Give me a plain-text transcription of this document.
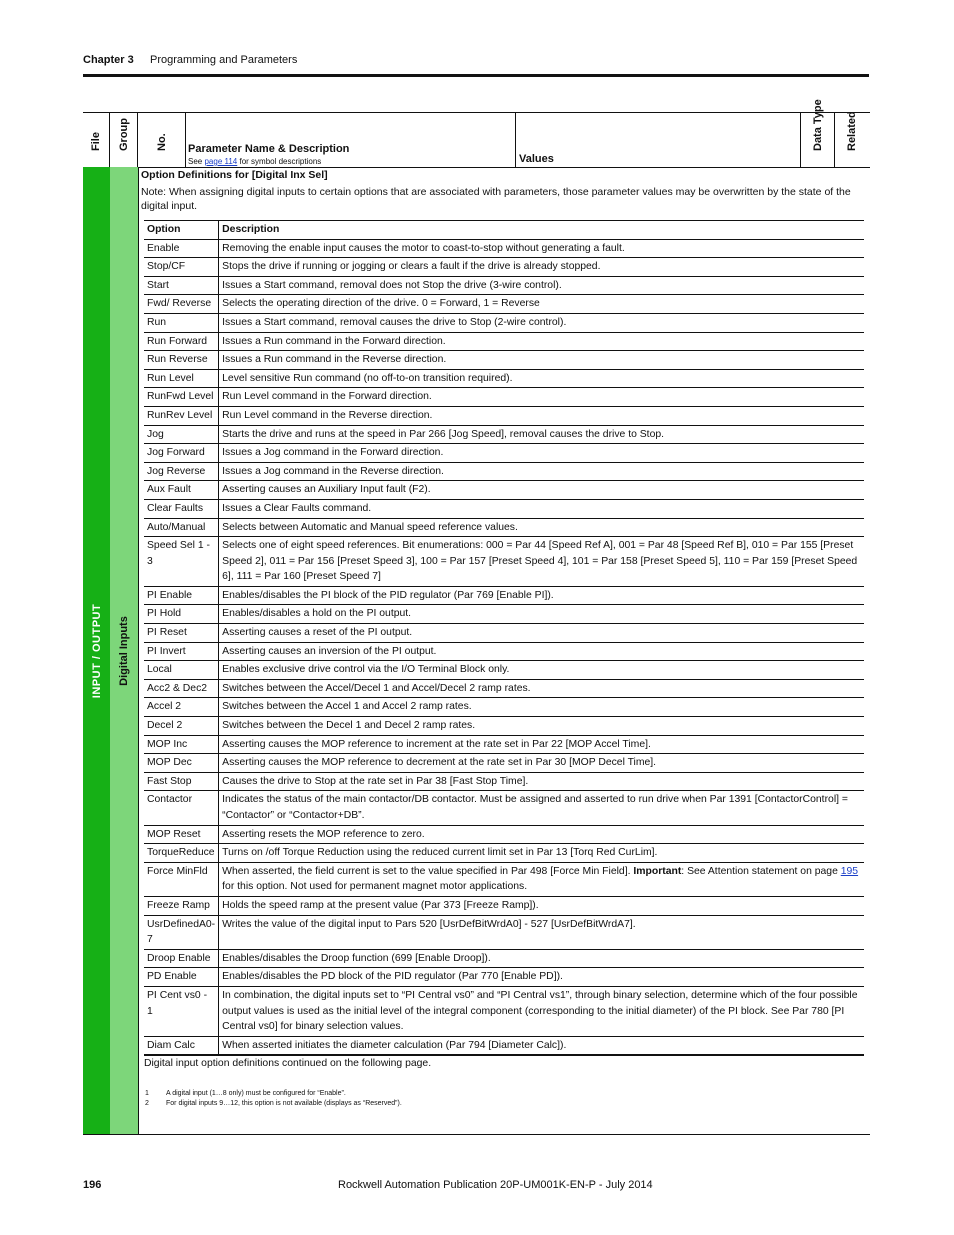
Chapter 3 Programming and Parameters
File Group No. Parameter Name & Description
See page 114 for symbol descriptions	Values
Data Type Related
INPUT / OUTPUT Digital Inputs
Option Definitions for [Digital Inx Sel]
Note: When assigning digital inputs to certain options that are associated with parameters, those parameter values may be overwritten by the state of the digital input.
Option	Description
Enable	Removing the enable input causes the motor to coast-to-stop without generating a fault.
Stop/CF	Stops the drive if running or jogging or clears a fault if the drive is already stopped.
Start	Issues a Start command, removal does not Stop the drive (3-wire control).
Fwd/ Reverse	Selects the operating direction of the drive. 0 = Forward, 1 = Reverse
Run	Issues a Start command, removal causes the drive to Stop (2-wire control).
Run Forward	Issues a Run command in the Forward direction.
Run Reverse	Issues a Run command in the Reverse direction.
Run Level	Level sensitive Run command (no off-to-on transition required).
RunFwd Level	Run Level command in the Forward direction.
RunRev Level	Run Level command in the Reverse direction.
Jog	Starts the drive and runs at the speed in Par 266 [Jog Speed], removal causes the drive to Stop.
Jog Forward	Issues a Jog command in the Forward direction.
Jog Reverse	Issues a Jog command in the Reverse direction.
Aux Fault	Asserting causes an Auxiliary Input fault (F2).
Clear Faults	Issues a Clear Faults command.
Auto/Manual	Selects between Automatic and Manual speed reference values.
Speed Sel 1 - 3	Selects one of eight speed references. Bit enumerations: 000 = Par 44 [Speed Ref A], 001 = Par 48 [Speed Ref B], 010 = Par 155 [Preset Speed 2], 011 = Par 156 [Preset Speed 3], 100 = Par 157 [Preset Speed 4], 101 = Par 158 [Preset Speed 5], 110 = Par 159 [Preset Speed 6], 111 = Par 160 [Preset Speed 7]
PI Enable	Enables/disables the PI block of the PID regulator (Par 769 [Enable PI]).
PI Hold	Enables/disables a hold on the PI output.
PI Reset	Asserting causes a reset of the PI output.
PI Invert	Asserting causes an inversion of the PI output.
Local	Enables exclusive drive control via the I/O Terminal Block only.
Acc2 & Dec2	Switches between the Accel/Decel 1 and Accel/Decel 2 ramp rates.
Accel 2	Switches between the Accel 1 and Accel 2 ramp rates.
Decel 2	Switches between the Decel 1 and Decel 2 ramp rates.
MOP Inc	Asserting causes the MOP reference to increment at the rate set in Par 22 [MOP Accel Time].
MOP Dec	Asserting causes the MOP reference to decrement at the rate set in Par 30 [MOP Decel Time].
Fast Stop	Causes the drive to Stop at the rate set in Par 38 [Fast Stop Time].
Contactor	Indicates the status of the main contactor/DB contactor. Must be assigned and asserted to run drive when Par 1391 [ContactorControl] = “Contactor” or “Contactor+DB”.
MOP Reset	Asserting resets the MOP reference to zero.
TorqueReduce	Turns on /off Torque Reduction using the reduced current limit set in Par 13 [Torq Red CurLim].
Force MinFld	When asserted, the field current is set to the value specified in Par 498 [Force Min Field]. Important: See Attention statement on page 195 for this option. Not used for permanent magnet motor applications.
Freeze Ramp	Holds the speed ramp at the present value (Par 373 [Freeze Ramp]).
UsrDefinedA0-7	Writes the value of the digital input to Pars 520 [UsrDefBitWrdA0] - 527 [UsrDefBitWrdA7].
Droop Enable	Enables/disables the Droop function (699 [Enable Droop]).
PD Enable	Enables/disables the PD block of the PID regulator (Par 770 [Enable PD]).
PI Cent vs0 - 1	In combination, the digital inputs set to “PI Central vs0” and “PI Central vs1”, through binary selection, determine which of the four possible output values is used as the initial level of the integral component (corresponding to the initial diameter) of the PI block. See Par 780 [PI Central vs0] for binary selection values.
Diam Calc	When asserted initiates the diameter calculation (Par 794 [Diameter Calc]).
Digital input option definitions continued on the following page.
1	A digital input (1…8 only) must be configured for “Enable”.
2	For digital inputs 9…12, this option is not available (displays as “Reserved”).
196	Rockwell Automation Publication 20P-UM001K-EN-P - July 2014
